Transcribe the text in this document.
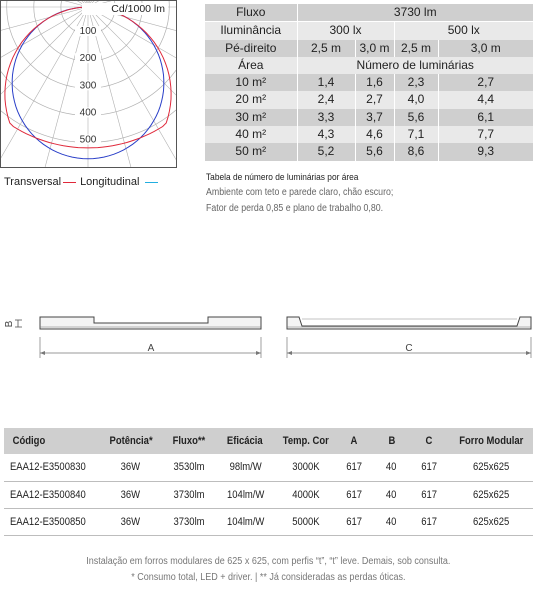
100
200
300
400
500
Cd/1000 lm
Transversal Longitudinal
Fluxo	3730 lm			
Iluminância	300 lx		500 lx	
Pé-direito	2,5 m	3,0 m	2,5 m	3,0 m
Área	Número de luminárias			
10 m²	1,4	1,6	2,3	2,7
20 m²	2,4	2,7	4,0	4,4
30 m²	3,3	3,7	5,6	6,1
40 m²	4,3	4,6	7,1	7,7
50 m²	5,2	5,6	8,6	9,3
Tabela de número de luminárias por área
Ambiente com teto e parede claro, chão escuro;
Fator de perda 0,85 e plano de trabalho 0,80.
B
A	C
Código	Potência*	Fluxo**	Eficácia	Temp. Cor	A	B	C	Forro Modular
EAA12-E3500830	36W	3530lm	98lm/W	3000K	617	40	617	625x625
EAA12-E3500840	36W	3730lm	104lm/W	4000K	617	40	617	625x625
EAA12-E3500850	36W	3730lm	104lm/W	5000K	617	40	617	625x625
Instalação em forros modulares de 625 x 625, com perfis “t”, “t” leve. Demais, sob consulta.
* Consumo total, LED + driver. | ** Já consideradas as perdas óticas.
